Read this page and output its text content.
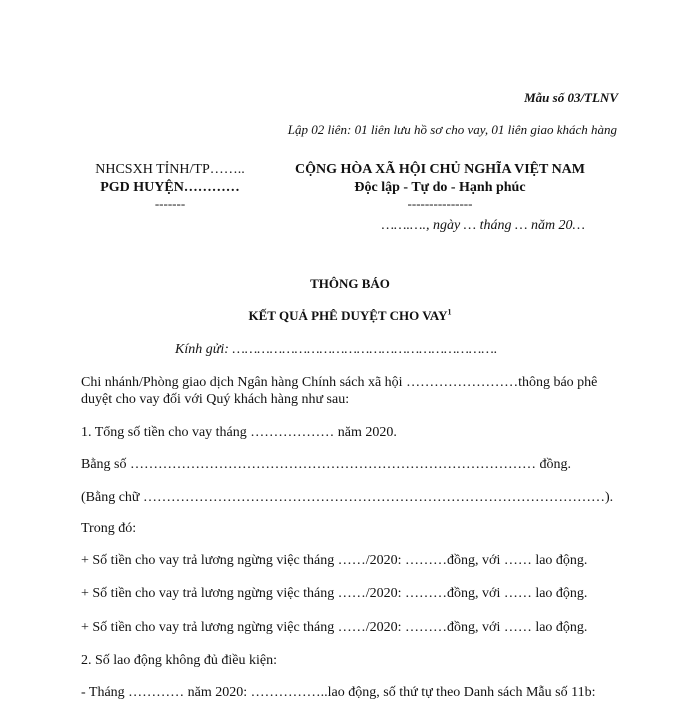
Mẫu số 03/TLNV
Lập 02 liên: 01 liên lưu hồ sơ cho vay, 01 liên giao khách hàng
NHCSXH TỈNH/TP……..
PGD HUYỆN…………
-------
CỘNG HÒA XÃ HỘI CHỦ NGHĨA VIỆT NAM
Độc lập - Tự do - Hạnh phúc
---------------
…….…., ngày … tháng … năm 20…
THÔNG BÁO
KẾT QUẢ PHÊ DUYỆT CHO VAY$^1$
Kính gửi: ……………………………………………………….
Chi nhánh/Phòng giao dịch Ngân hàng Chính sách xã hội ……………………thông báo phê
duyệt cho vay đối với Quý khách hàng như sau:
1. Tổng số tiền cho vay tháng ……………… năm 2020.
Bằng số …………………………………………………………………………… đồng.
(Bằng chữ ………………………………………………………………………………………).
Trong đó:
+ Số tiền cho vay trả lương ngừng việc tháng ……/2020: ………đồng, với …… lao động.
+ Số tiền cho vay trả lương ngừng việc tháng ……/2020: ………đồng, với …… lao động.
+ Số tiền cho vay trả lương ngừng việc tháng ……/2020: ………đồng, với …… lao động.
2. Số lao động không đủ điều kiện:
- Tháng ………… năm 2020: ……………..lao động, số thứ tự theo Danh sách Mẫu số 11b:
